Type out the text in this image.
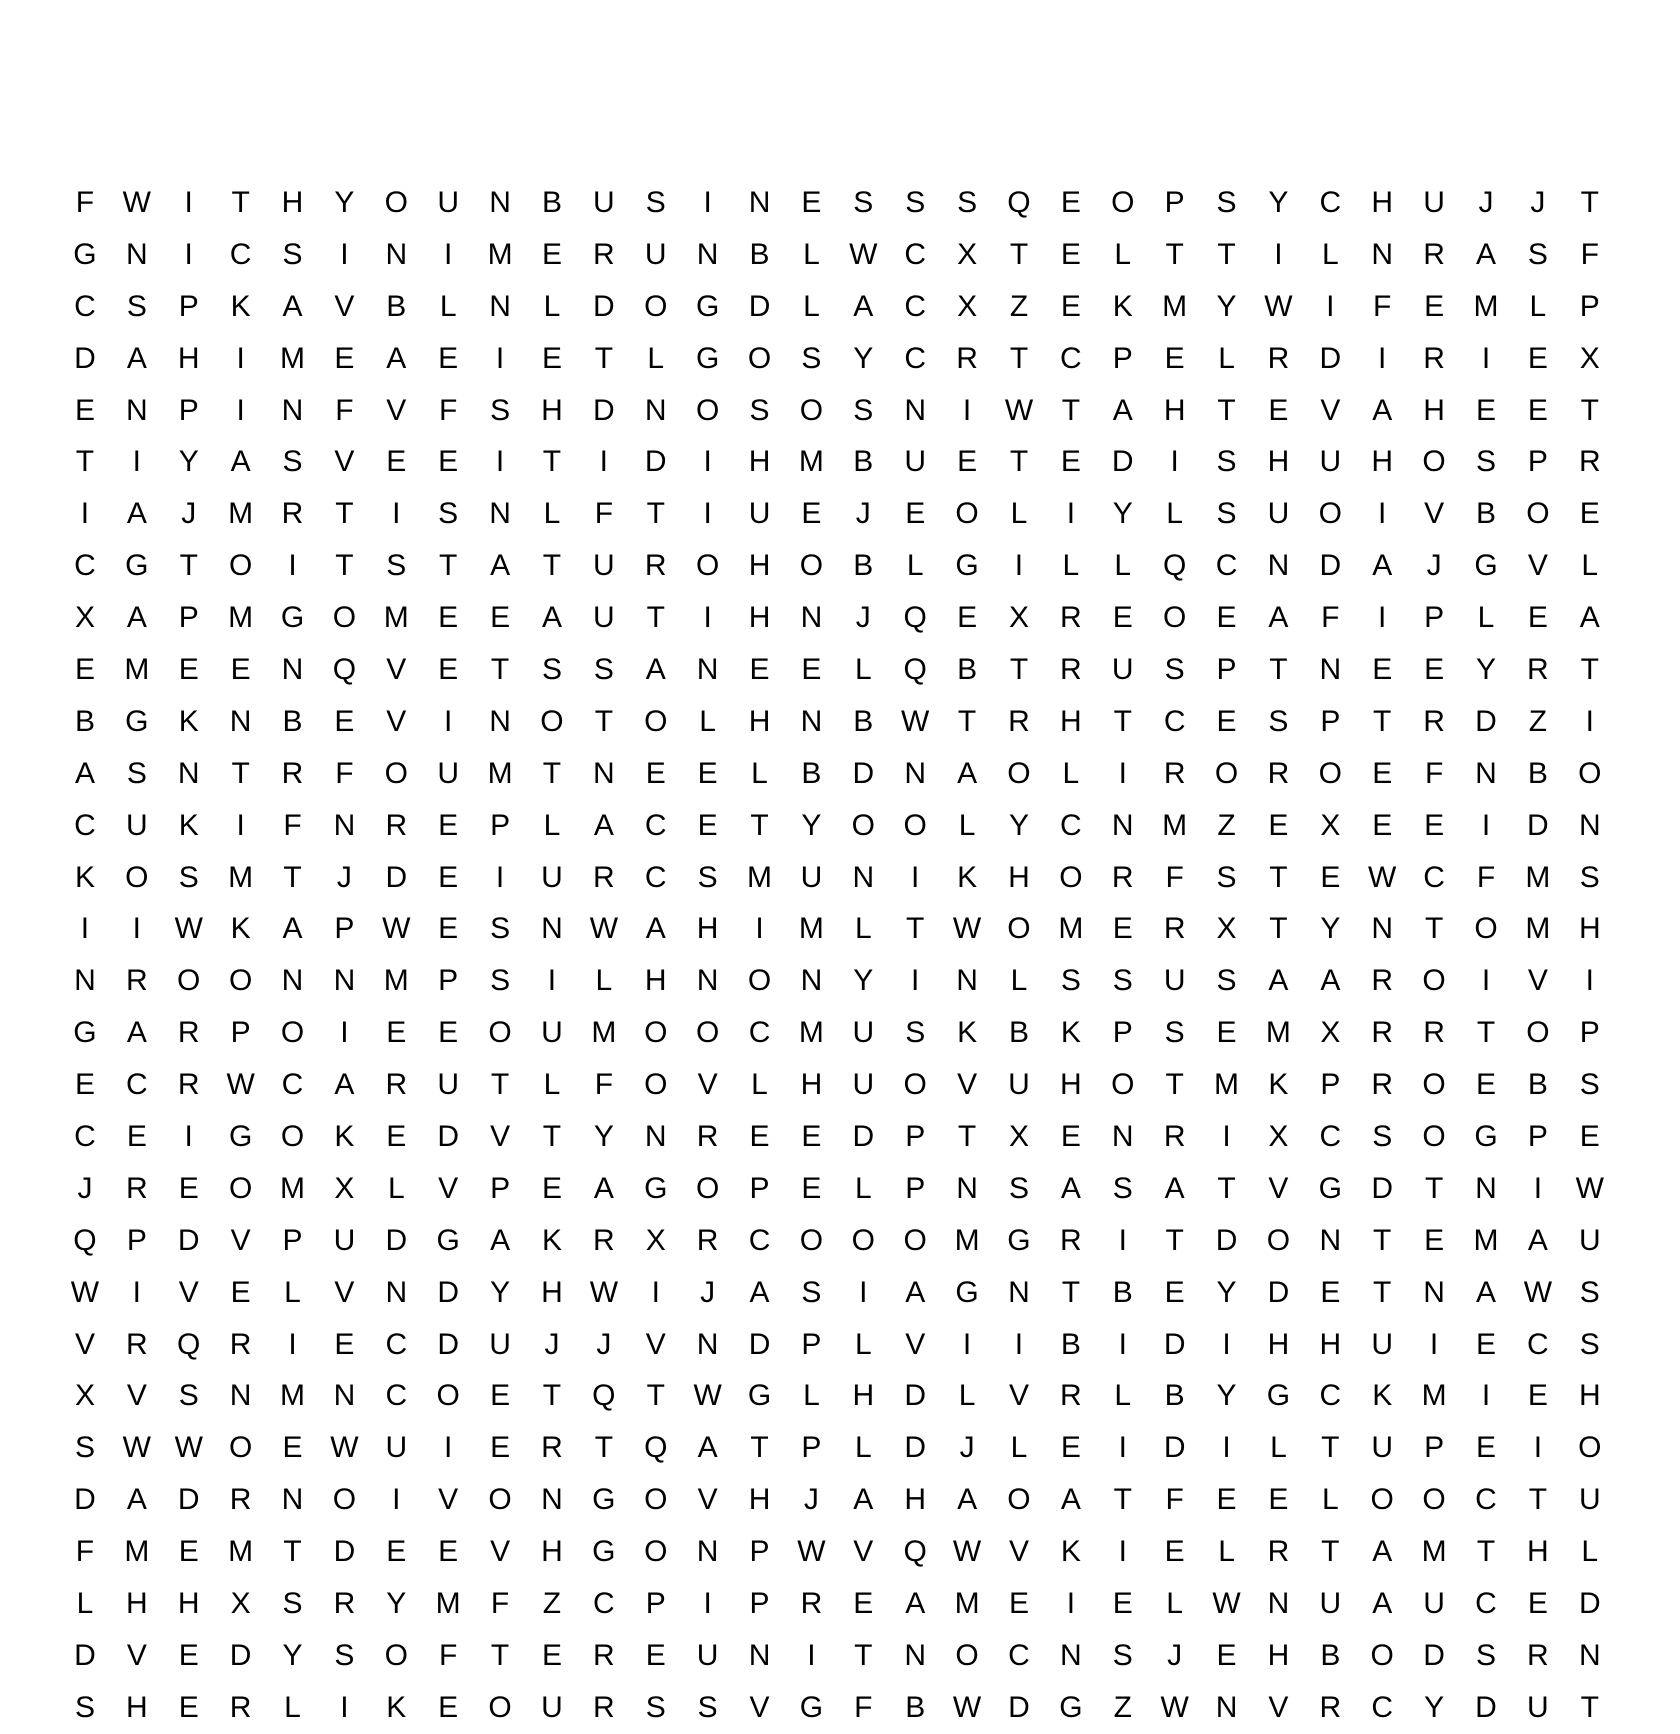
F W	I	T	H	Y	O U	N	B	U	S	I	N	E	S	S	S	Q	E	O	P	S	Y	C	H	U	J	J	T
G N	I	C	S	I	N	I	M E	R	U	N	B	L W C	X	T	E	L	T	T	I	L	N	R	A	S	F
C	S	P	K	A	V	B	L	N	L	D O G D	L	A	C	X	Z	E	K M Y W	I	F	E M	L	P
D	A	H	I	M E	A	E	I	E	T	L	G O	S	Y	C	R	T	C	P	E	L	R	D	I	R	I	E	X
E	N	P	I	N	F	V	F	S	H	D	N O	S	O	S	N	I	W T	A	H	T	E	V	A	H	E	E	T
T	I	Y	A	S	V	E	E	I	T	I	D	I	H M B	U	E	T	E	D	I	S	H	U	H O	S	P	R
I	A	J	M R	T	I	S	N	L	F	T	I	U	E	J	E	O	L	I	Y	L	S	U O	I	V	B	O	E
C G	T	O	I	T	S	T	A	T	U	R O H O	B	L	G	I	L	L	Q C	N	D	A	J	G	V	L
X	A	P M G O M E	E	A	U	T	I	H	N	J	Q	E	X	R	E	O	E	A	F	I	P	L	E	A
E M E	E	N Q	V	E	T	S	S	A	N	E	E	L	Q	B	T	R	U	S	P	T	N	E	E	Y	R	T
B	G	K	N	B	E	V	I	N O	T	O	L	H	N	B W T	R	H	T	C	E	S	P	T	R	D	Z	I
A	S	N	T	R	F	O U M	T	N	E	E	L	B	D	N	A	O	L	I	R O R O	E	F	N	B	O
C	U	K	I	F	N	R	E	P	L	A	C	E	T	Y	O O	L	Y	C	N M	Z	E	X	E	E	I	D	N
K	O	S M	T	J	D	E	I	U	R	C	S M U	N	I	K	H O R	F	S	T	E W C	F	M S
I	I	W K	A	P W E	S	N W A	H	I	M	L	T W O M E	R	X	T	Y	N	T	O M H
N	R O O N	N M P	S	I	L	H	N O N	Y	I	N	L	S	S	U	S	A	A	R O	I	V	I
G	A	R	P	O	I	E	E	O U M O O C M U	S	K	B	K	P	S	E M X	R	R	T	O	P
E	C	R W C	A	R	U	T	L	F	O	V	L	H	U O	V	U	H O	T	M K	P	R O	E	B	S
C	E	I	G O	K	E	D	V	T	Y	N	R	E	E	D	P	T	X	E	N	R	I	X	C	S	O G	P	E
J	R	E	O M X	L	V	P	E	A	G O	P	E	L	P	N	S	A	S	A	T	V	G D	T	N	I	W
Q	P	D	V	P	U	D G	A	K	R	X	R	C O O O M G R	I	T	D O N	T	E M A	U
W	I	V	E	L	V	N	D	Y	H W	I	J	A	S	I	A	G N	T	B	E	Y	D	E	T	N	A W S
V	R Q R	I	E	C	D	U	J	J	V	N	D	P	L	V	I	I	B	I	D	I	H	H	U	I	E	C	S
X	V	S	N M N	C O	E	T	Q	T W G	L	H	D	L	V	R	L	B	Y	G C	K M	I	E	H
S W W O	E W U	I	E	R	T	Q	A	T	P	L	D	J	L	E	I	D	I	L	T	U	P	E	I	O
D	A	D	R	N O	I	V	O N G O	V	H	J	A	H	A	O	A	T	F	E	E	L	O O C	T	U
F	M E M	T	D	E	E	V	H G O N	P W V	Q W V	K	I	E	L	R	T	A M	T	H	L
L	H	H	X	S	R	Y M	F	Z	C	P	I	P	R	E	A M E	I	E	L W N	U	A	U	C	E	D
D	V	E	D	Y	S	O	F	T	E	R	E	U	N	I	T	N O C	N	S	J	E	H	B	O D	S	R	N
S	H	E	R	L	I	K	E	O U	R	S	S	V	G	F	B W D G	Z W N	V	R	C	Y	D	U	T
